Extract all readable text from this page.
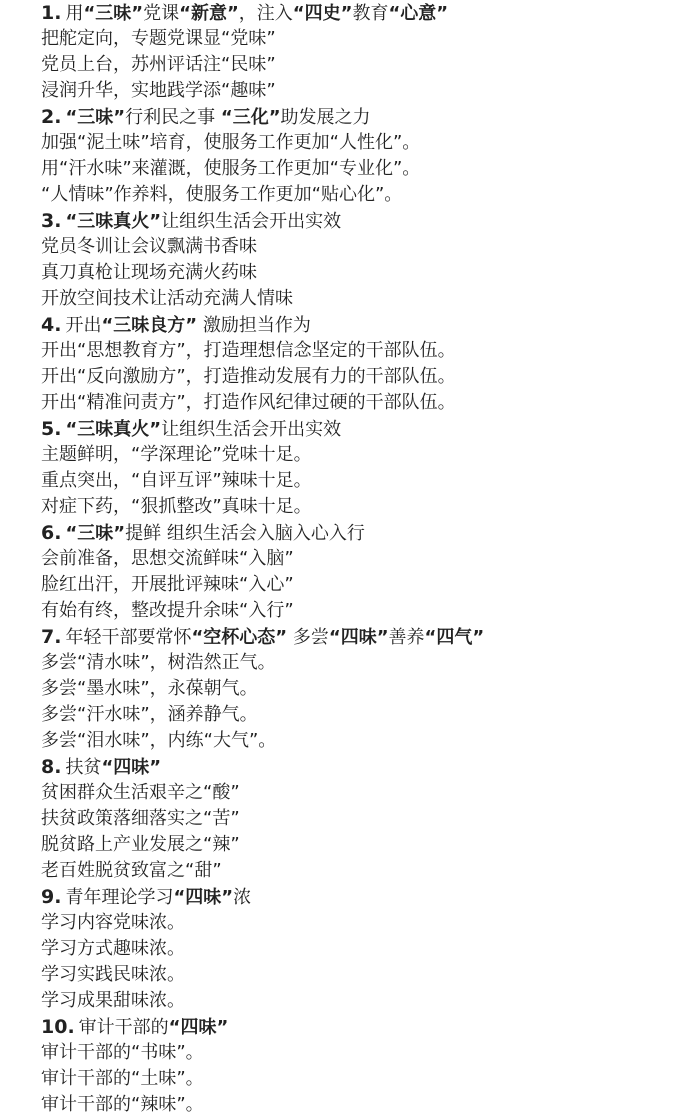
1. 用“三味”党课“新意”，注入“四史”教育“心意”
把舵定向，专题党课显“党味”
党员上台，苏州评话注“民味”
浸润升华，实地践学添“趣味”
2. “三味”行利民之事 “三化”助发展之力
加强“泥土味”培育，使服务工作更加“人性化”。
用“汗水味”来灌溉，使服务工作更加“专业化”。
“人情味”作养料，使服务工作更加“贴心化”。
3. “三味真火”让组织生活会开出实效
党员冬训让会议飘满书香味
真刀真枪让现场充满火药味
开放空间技术让活动充满人情味
4. 开出“三味良方” 激励担当作为
开出“思想教育方”，打造理想信念坚定的干部队伍。
开出“反向激励方”，打造推动发展有力的干部队伍。
开出“精准问责方”，打造作风纪律过硬的干部队伍。
5. “三味真火”让组织生活会开出实效
主题鲜明，“学深理论”党味十足。
重点突出，“自评互评”辣味十足。
对症下药，“狠抓整改”真味十足。
6. “三味”提鲜 组织生活会入脑入心入行
会前准备，思想交流鲜味“入脑”
脸红出汗，开展批评辣味“入心”
有始有终，整改提升余味“入行”
7. 年轻干部要常怀“空杯心态” 多尝“四味”善养“四气”
多尝“清水味”，树浩然正气。
多尝“墨水味”，永葆朝气。
多尝“汗水味”，涵养静气。
多尝“泪水味”，内练“大气”。
8. 扶贫“四味”
贫困群众生活艰辛之“酸”
扶贫政策落细落实之“苦”
脱贫路上产业发展之“辣”
老百姓脱贫致富之“甜”
9. 青年理论学习“四味”浓
学习内容党味浓。
学习方式趣味浓。
学习实践民味浓。
学习成果甜味浓。
10. 审计干部的“四味”
审计干部的“书味”。
审计干部的“土味”。
审计干部的“辣味”。
